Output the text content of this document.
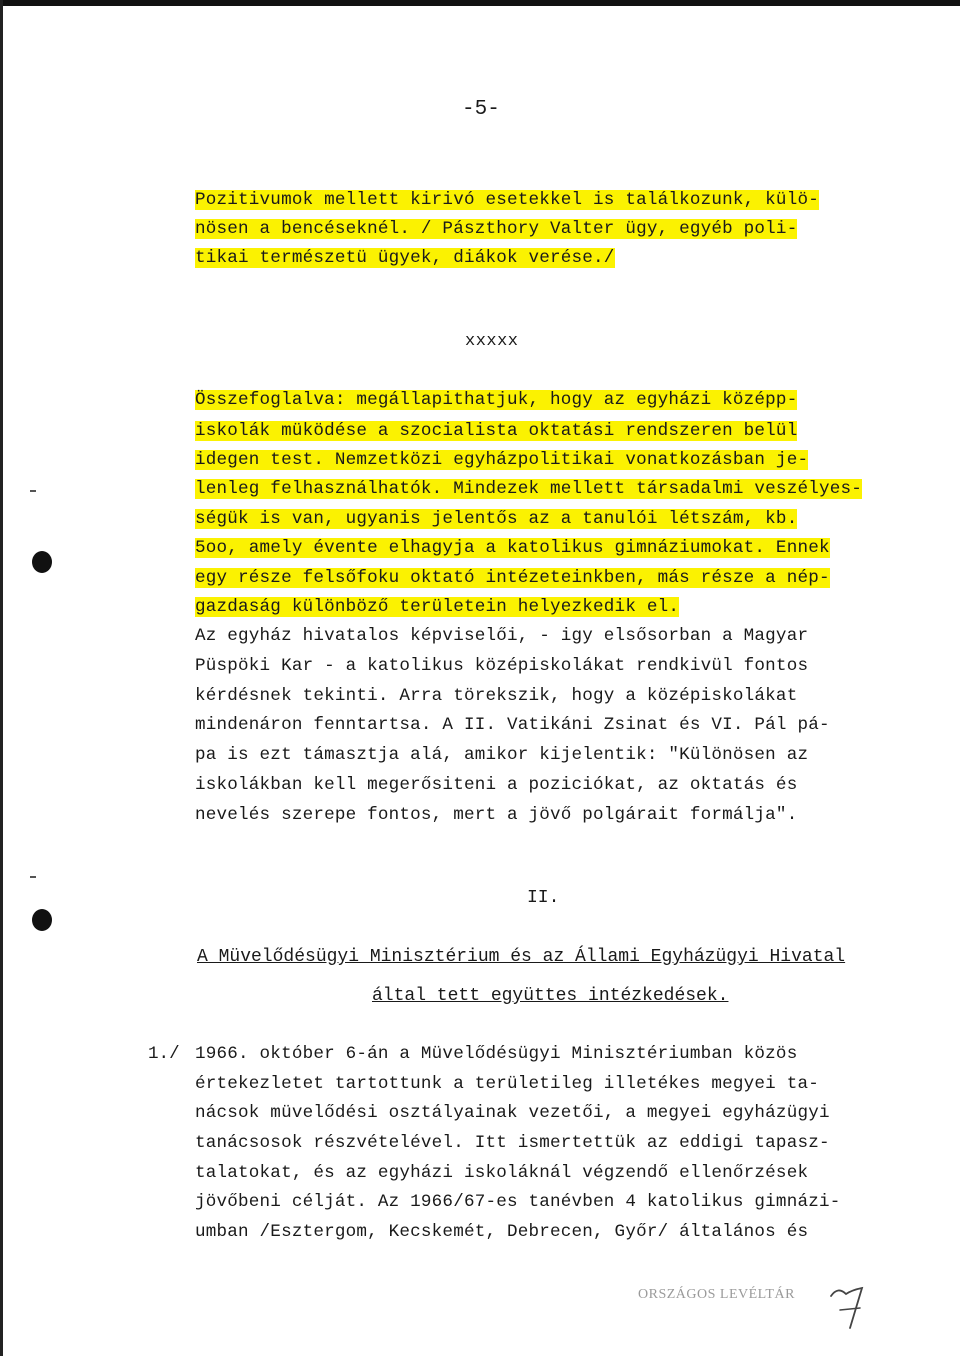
-5-
Pozitivumok mellett kirivó esetekkel is találkozunk, külö-
nösen a bencéseknél. / Pászthory Valter ügy, egyéb poli-
tikai természetü ügyek, diákok verése./
xxxxx
Összefoglalva: megállapithatjuk, hogy az egyházi középp-
iskolák müködése a szocialista oktatási rendszeren belül
idegen test. Nemzetközi egyházpolitikai vonatkozásban je-
lenleg felhasználhatók. Mindezek mellett társadalmi veszélyes-
ségük is van, ugyanis jelentős az a tanulói létszám, kb.
5oo, amely évente elhagyja a katolikus gimnáziumokat. Ennek
egy része felsőfoku oktató intézeteinkben, más része a nép-
gazdaság különböző területein helyezkedik el.
Az egyház hivatalos képviselői, - igy elsősorban a Magyar
Püspöki Kar - a katolikus középiskolákat rendkivül fontos
kérdésnek tekinti. Arra törekszik, hogy a középiskolákat
mindenáron fenntartsa. A II. Vatikáni Zsinat és VI. Pál pá-
pa is ezt támasztja alá, amikor kijelentik: "Különösen az
iskolákban kell megerősiteni a poziciókat, az oktatás és
nevelés szerepe fontos, mert a jövő polgárait formálja".
II.
A Müvelődésügyi Minisztérium és az Állami Egyházügyi Hivatal
által tett együttes intézkedések.
1./ 1966. október 6-án a Müvelődésügyi Minisztériumban közös
értekezletet tartottunk a területileg illetékes megyei ta-
nácsok müvelődési osztályainak vezetői, a megyei egyházügyi
tanácsosok részvételével. Itt ismertettük az eddigi tapasz-
talatokat, és az egyházi iskoláknál végzendő ellenőrzések
jövőbeni célját. Az 1966/67-es tanévben 4 katolikus gimnázi-
umban /Esztergom, Kecskemét, Debrecen, Győr/ általános és
ORSZÁGOS LEVÉLTÁR
